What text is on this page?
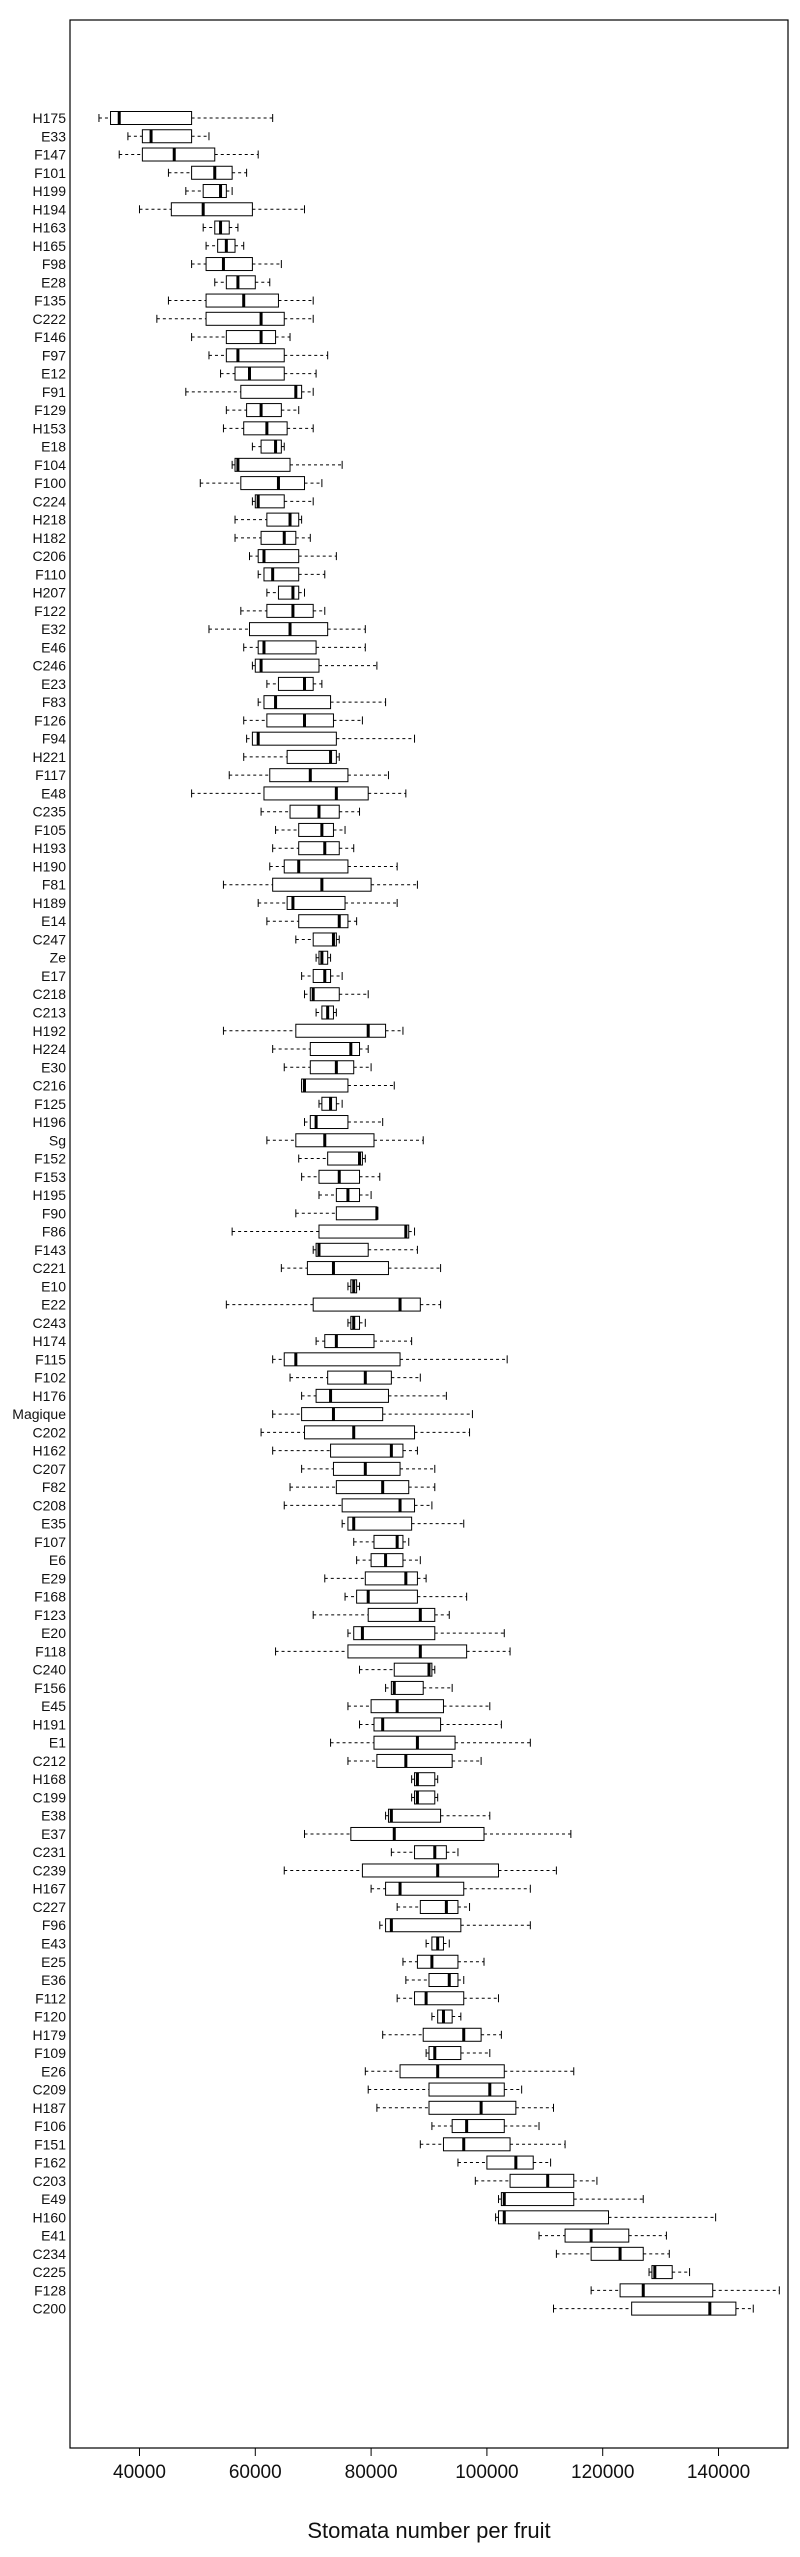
H175
E33
F147
F101
H199
H194
H163
H165
F98
E28
F135
C222
F146
F97
E12
F91
F129
H153
E18
F104
F100
C224
H218
H182
C206
F110
H207
F122
E32
E46
C246
E23
F83
F126
F94
H221
F117
E48
C235
F105
H193
H190
F81
H189
E14
C247
Ze
E17
C218
C213
H192
H224
E30
C216
F125
H196
Sg
F152
F153
H195
F90
F86
F143
C221
E10
E22
C243
H174
F115
F102
H176
Magique
C202
H162
C207
F82
C208
E35
F107
E6
E29
F168
F123
E20
F118
C240
F156
E45
H191
E1
C212
H168
C199
E38
E37
C231
C239
H167
C227
F96
E43
E25
E36
F112
F120
H179
F109
E26
C209
H187
F106
F151
F162
C203
E49
H160
E41
C234
C225
F128
C200
40000	60000	80000	100000	120000	140000
Stomata number per fruit
